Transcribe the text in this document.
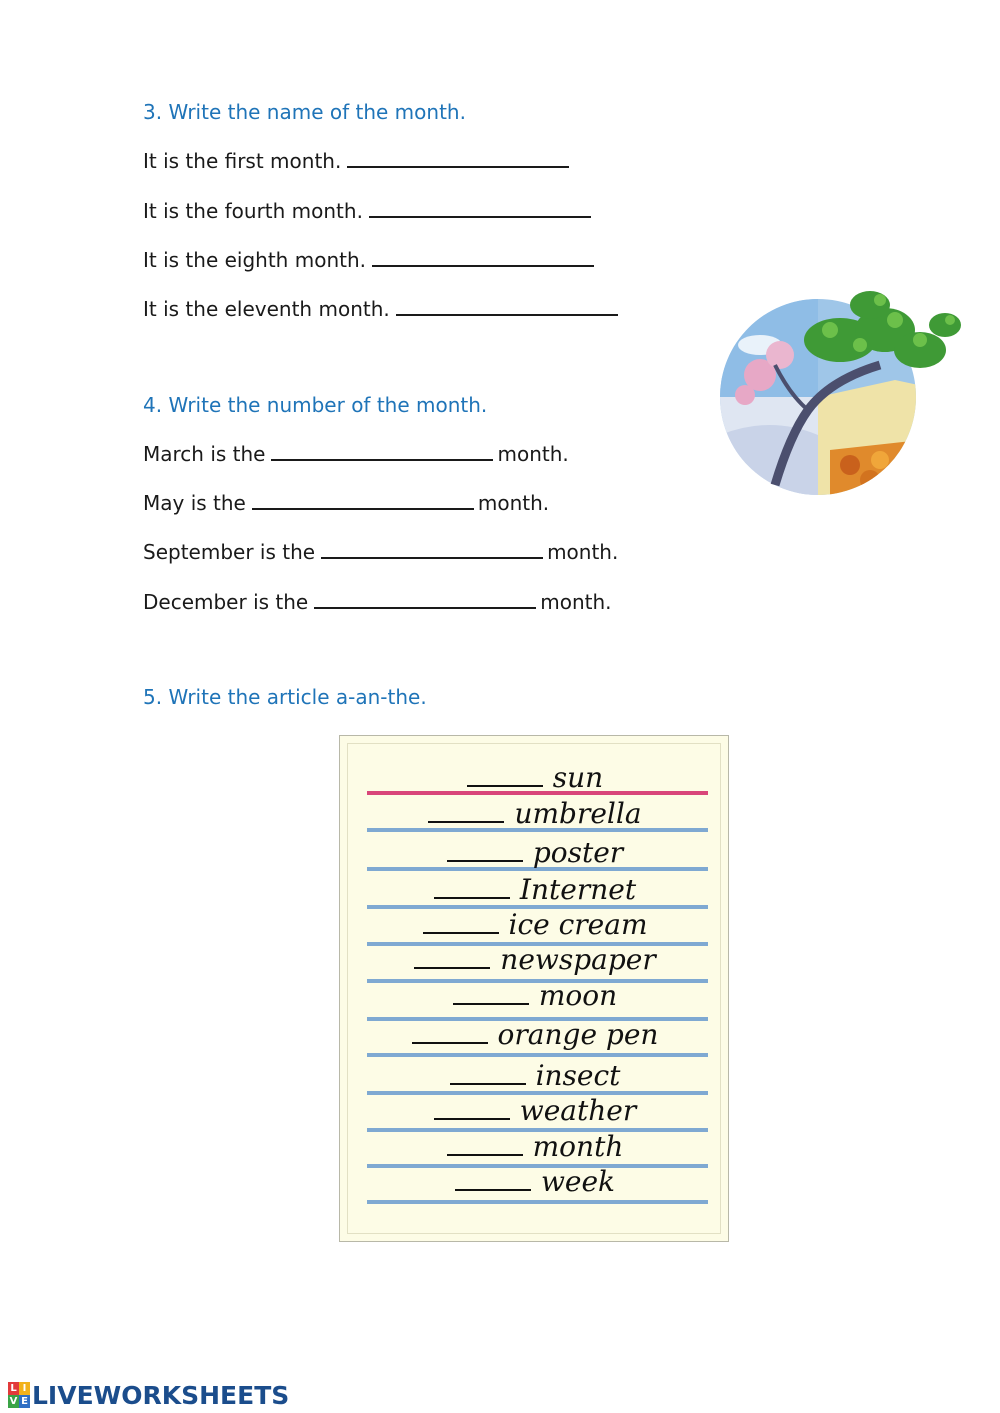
3. Write the name of the month.
It is the first month.
It is the fourth month.
It is the eighth month.
It is the eleventh month.
4. Write the number of the month.
March is the	month.
May is the	month.
September is the	month.
December is the	month.
5. Write the article a-an-the.
sun
umbrella
poster
Internet
ice cream
newspaper
moon
orange pen
insect
weather
month
week
L I
V E LIVEWORKSHEETS
